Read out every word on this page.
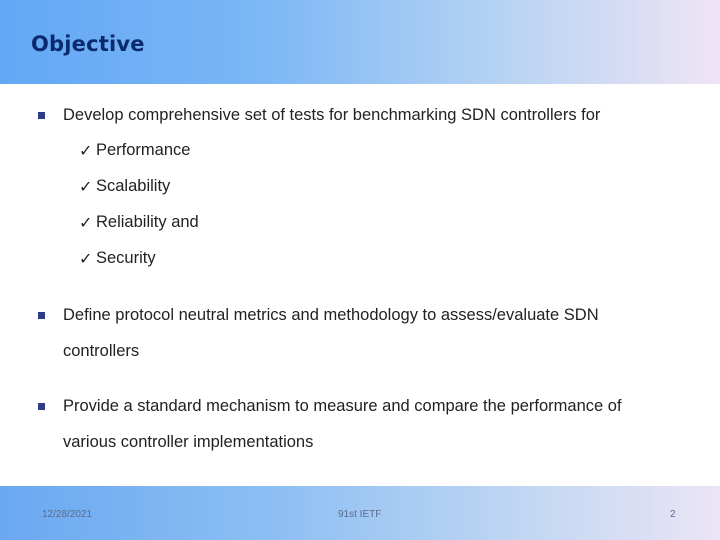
Objective
Develop comprehensive set of tests for benchmarking SDN controllers for
✓ Performance
✓ Scalability
✓ Reliability and
✓ Security
Define protocol neutral metrics and methodology to assess/evaluate SDN
controllers
Provide a standard mechanism to measure and compare the performance of
various controller implementations
12/28/2021	91st IETF	2
